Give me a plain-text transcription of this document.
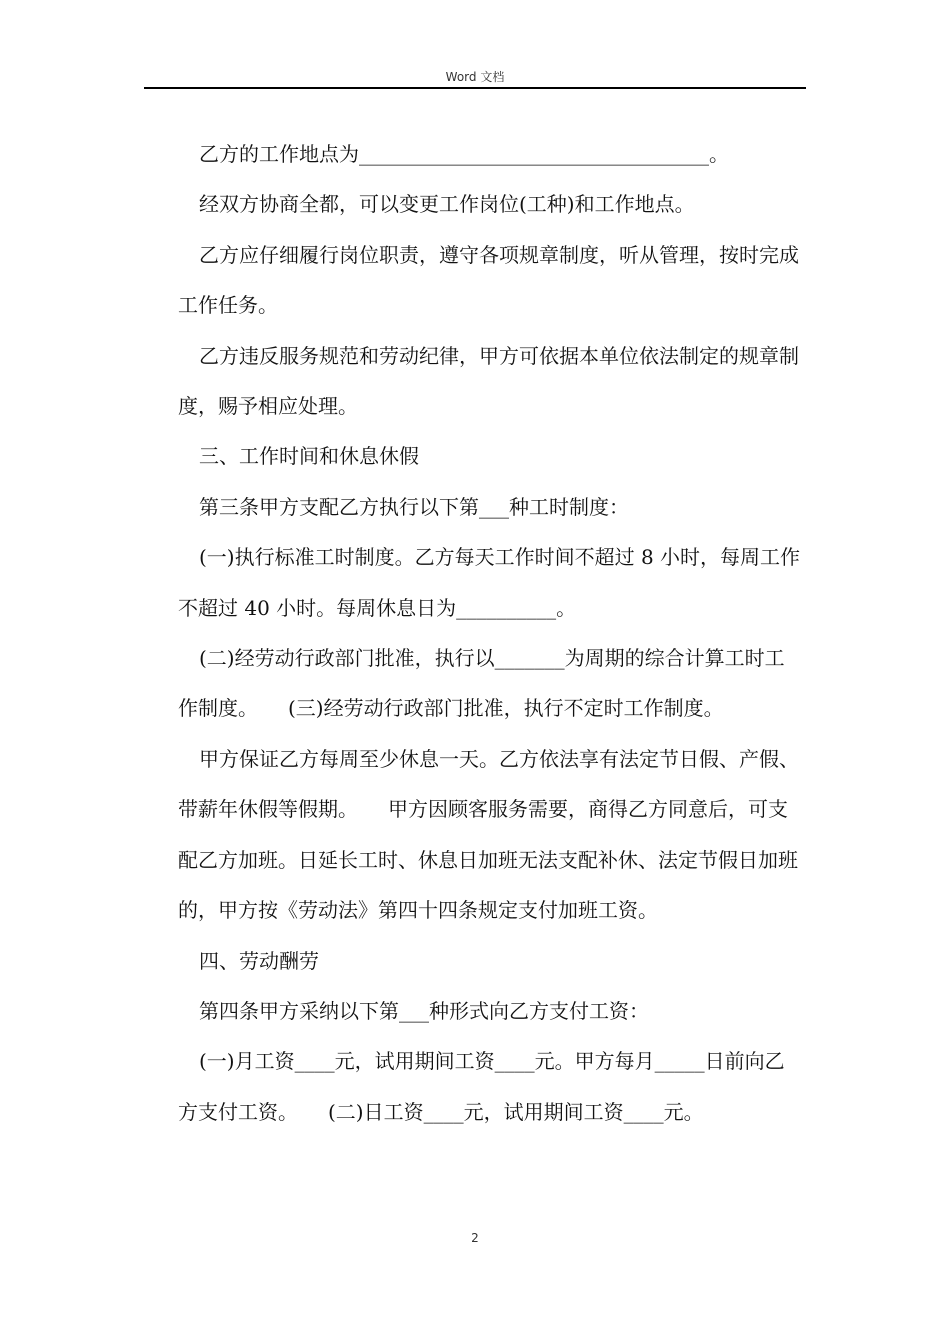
Word 文档

乙方的工作地点为___________________________________。

经双方协商全都，可以变更工作岗位(工种)和工作地点。

乙方应仔细履行岗位职责，遵守各项规章制度，听从管理，按时完成工作任务。

乙方违反服务规范和劳动纪律，甲方可依据本单位依法制定的规章制度，赐予相应处理。

三、工作时间和休息休假

第三条甲方支配乙方执行以下第___种工时制度：

(一)执行标准工时制度。乙方每天工作时间不超过 8 小时，每周工作不超过 40 小时。每周休息日为__________。

(二)经劳动行政部门批准，执行以_______为周期的综合计算工时工作制度。　　(三)经劳动行政部门批准，执行不定时工作制度。

甲方保证乙方每周至少休息一天。乙方依法享有法定节日假、产假、带薪年休假等假期。　　甲方因顾客服务需要，商得乙方同意后，可支配乙方加班。日延长工时、休息日加班无法支配补休、法定节假日加班的，甲方按《劳动法》第四十四条规定支付加班工资。

四、劳动酬劳

第四条甲方采纳以下第___种形式向乙方支付工资：

(一)月工资____元，试用期间工资____元。甲方每月_____日前向乙方支付工资。　　(二)日工资____元，试用期间工资____元。

2
